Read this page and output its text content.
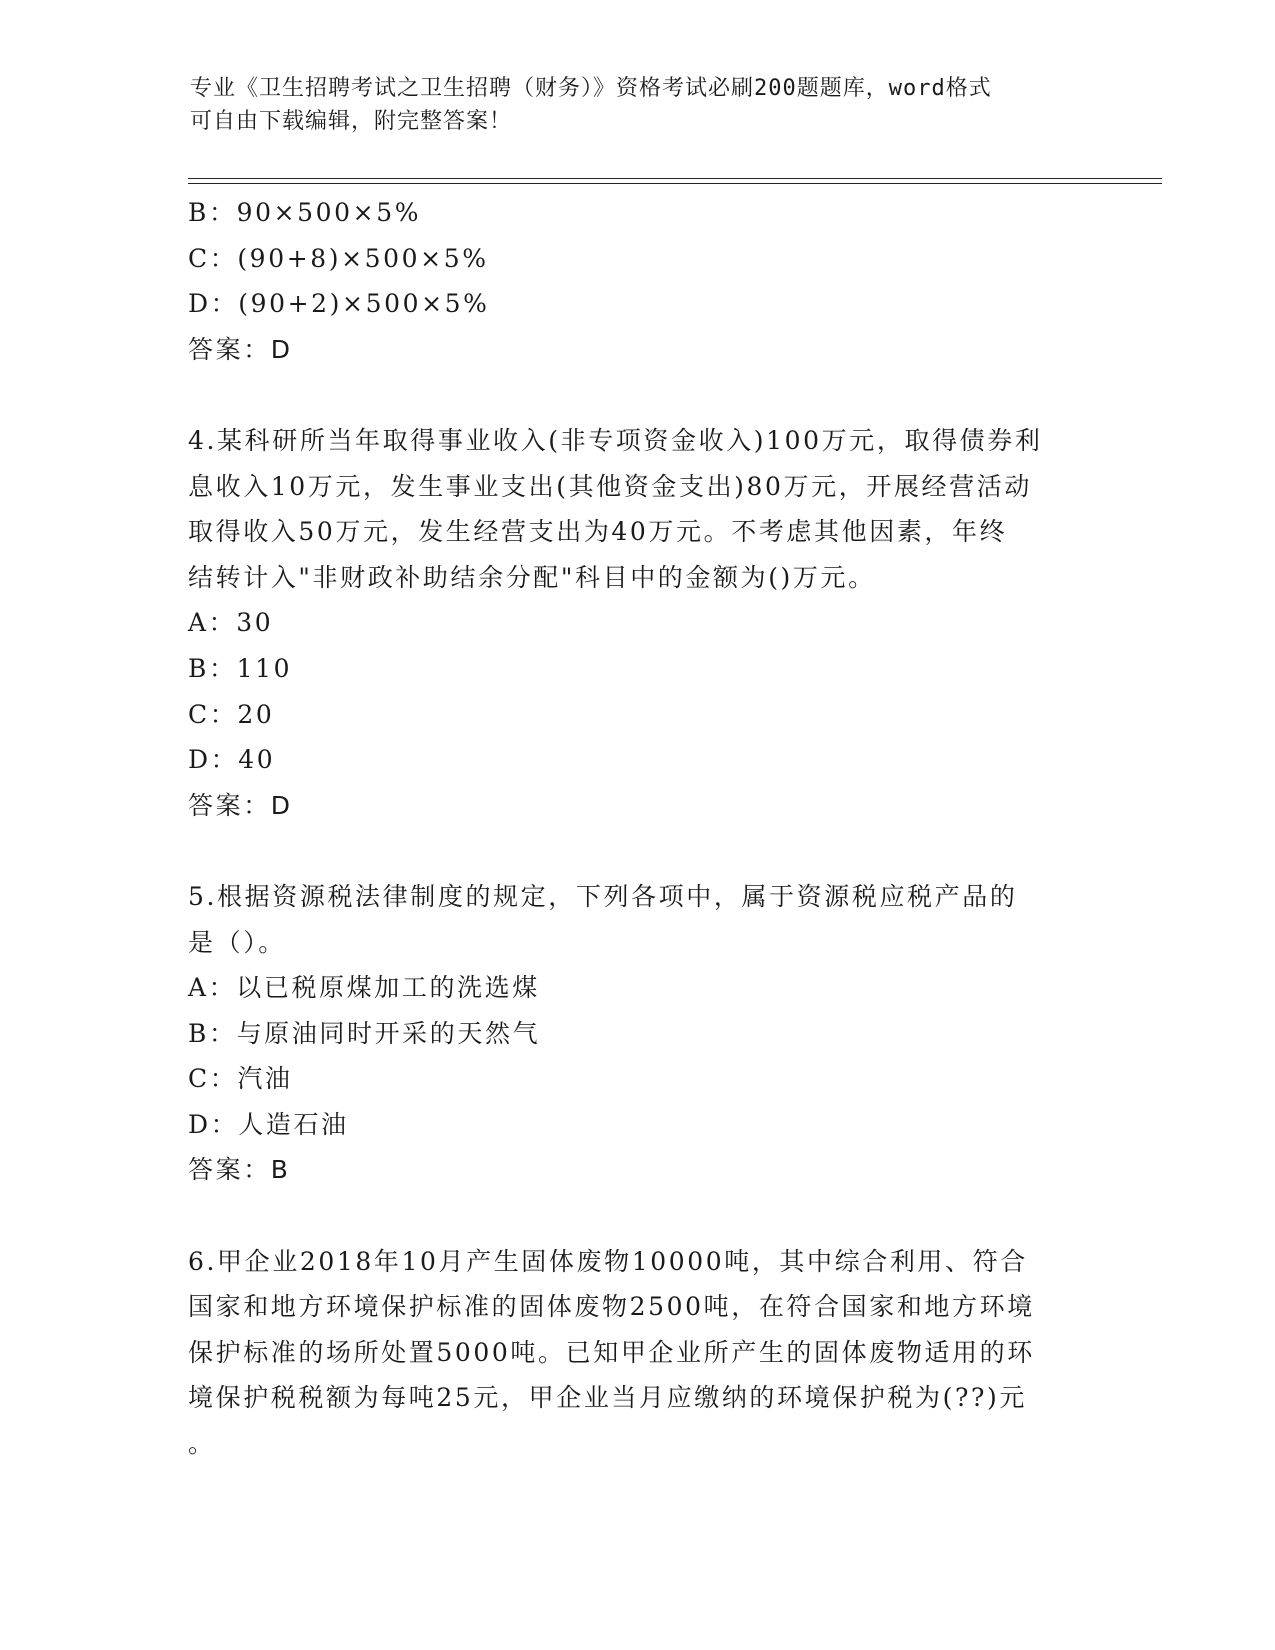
专业《卫生招聘考试之卫生招聘（财务）》资格考试必刷200题题库，word格式
可自由下载编辑，附完整答案！
B：90×500×5%
C：(90+8)×500×5%
D：(90+2)×500×5%
答案：D
4.某科研所当年取得事业收入(非专项资金收入)100万元，取得债券利
息收入10万元，发生事业支出(其他资金支出)80万元，开展经营活动
取得收入50万元，发生经营支出为40万元。不考虑其他因素，年终
结转计入"非财政补助结余分配"科目中的金额为()万元。
A：30
B：110
C：20
D：40
答案：D
5.根据资源税法律制度的规定，下列各项中，属于资源税应税产品的
是（）。
A：以已税原煤加工的洗选煤
B：与原油同时开采的天然气
C：汽油
D：人造石油
答案：B
6.甲企业2018年10月产生固体废物10000吨，其中综合利用、符合
国家和地方环境保护标准的固体废物2500吨，在符合国家和地方环境
保护标准的场所处置5000吨。已知甲企业所产生的固体废物适用的环
境保护税税额为每吨25元，甲企业当月应缴纳的环境保护税为(??)元
。
